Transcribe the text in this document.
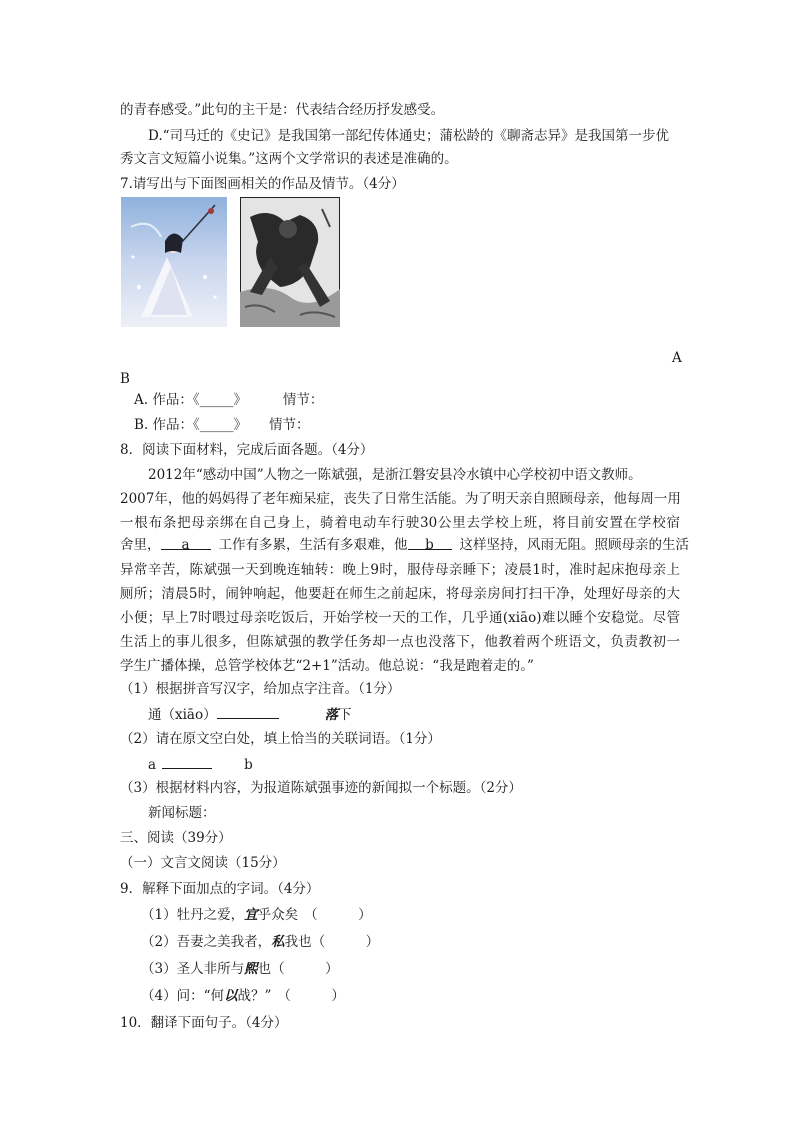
的青春感受。”此句的主干是：代表结合经历抒发感受。
D.“司马迁的《史记》是我国第一部纪传体通史；蒲松龄的《聊斋志异》是我国第一步优
秀文言文短篇小说集。”这两个文学常识的表述是准确的。
7.请写出与下面图画相关的作品及情节。（4分）
A
B
A. 作品：《_____》	情节：
B. 作品：《_____》 情节：
8．阅读下面材料，完成后面各题。（4分）
2012年“感动中国”人物之一陈斌强，是浙江磐安县冷水镇中心学校初中语文教师。
2007年，他的妈妈得了老年痴呆症，丧失了日常生活能。为了明天亲自照顾母亲，他每周一用
一根布条把母亲绑在自己身上，骑着电动车行驶30公里去学校上班，将目前安置在学校宿
舍里， a 工作有多累，生活有多艰难，他 b 这样坚持，风雨无阻。照顾母亲的生活
异常辛苦，陈斌强一天到晚连轴转：晚上9时，服侍母亲睡下；凌晨1时，准时起床抱母亲上
厕所；清晨5时，闹钟响起，他要赶在师生之前起床，将母亲房间打扫干净，处理好母亲的大
小便；早上7时喂过母亲吃饭后，开始学校一天的工作，几乎通(xiāo)难以睡个安稳觉。尽管
生活上的事儿很多，但陈斌强的教学任务却一点也没落下，他教着两个班语文，负责教初一
学生广播体操，总管学校体艺“2+1”活动。他总说：“我是跑着走的。”
（1）根据拼音写汉字，给加点字注音。（1分）
通（xiāo）	落下
（2）请在原文空白处，填上恰当的关联词语。（1分）
a	b
（3）根据材料内容，为报道陈斌强事迹的新闻拟一个标题。（2分）
新闻标题：
三、阅读（39分）
（一）文言文阅读（15分）
9．解释下面加点的字词。（4分）
（1）牡丹之爱，宜乎众矣 （　　　）
（2）吾妻之美我者，私我也（　　　）
（3）圣人非所与熙也（　　　）
（4）问：“何以战？” （　　　）
10．翻译下面句子。（4分）
